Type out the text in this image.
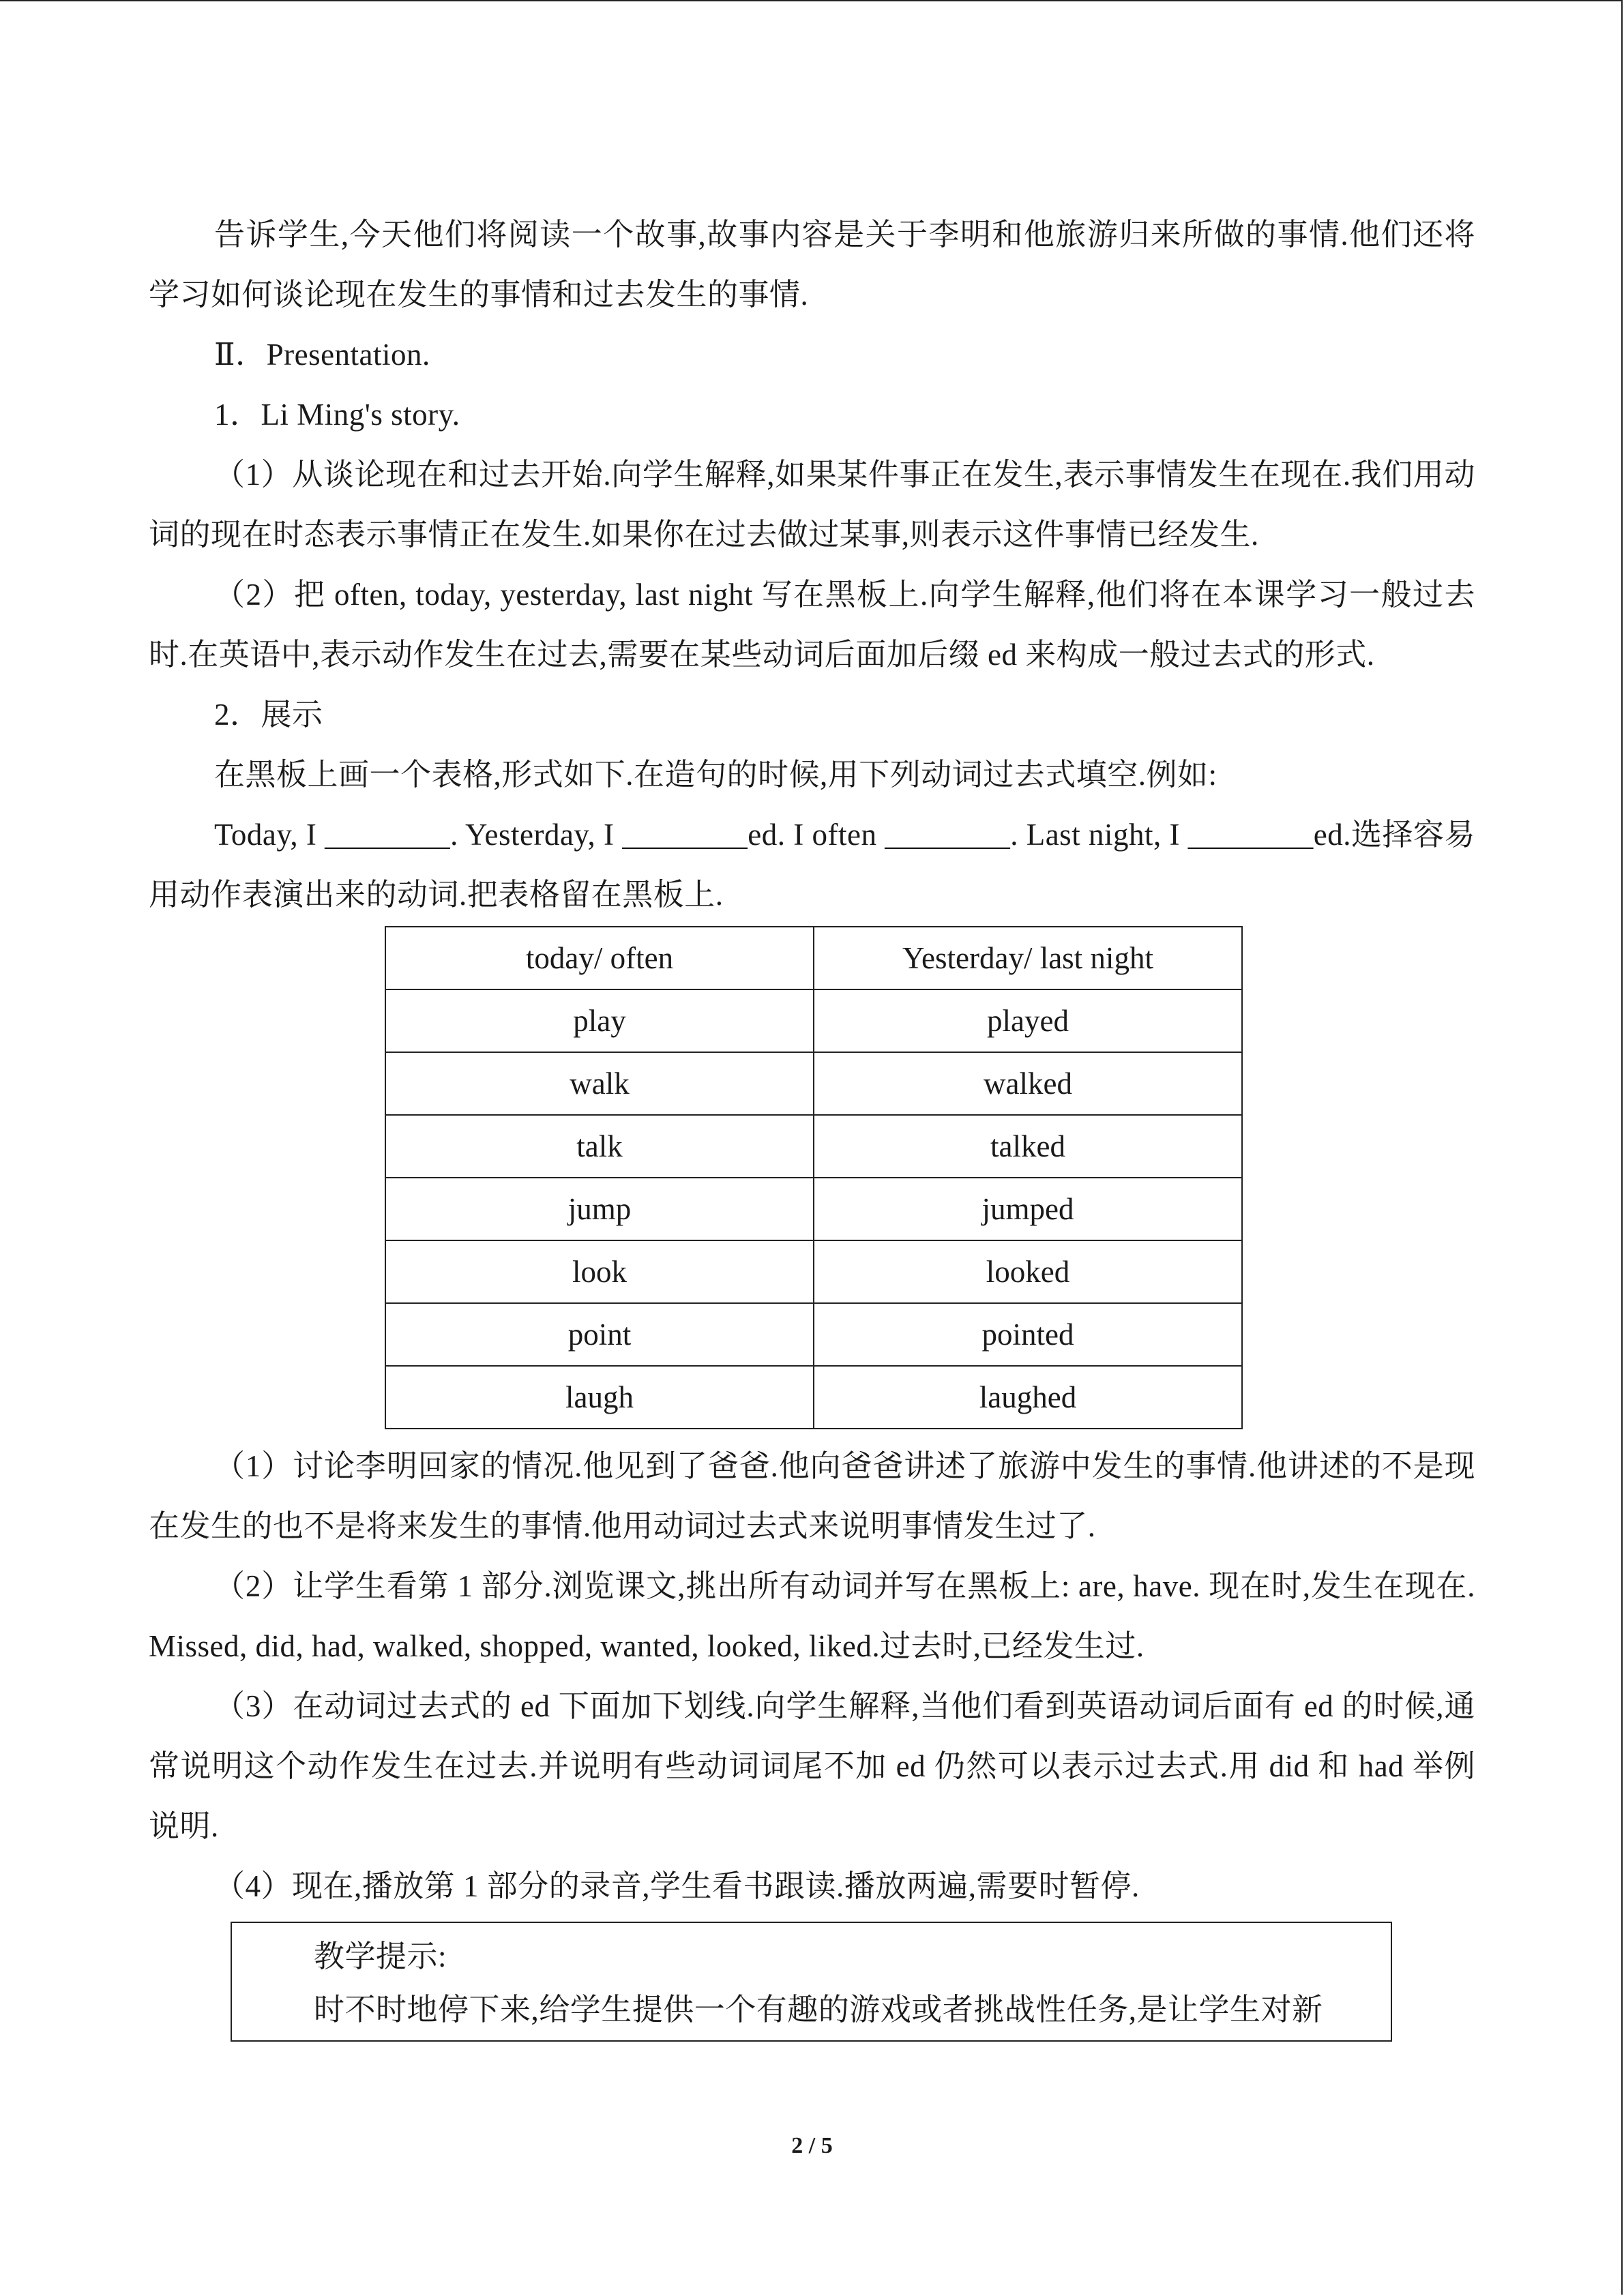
告诉学生,今天他们将阅读一个故事,故事内容是关于李明和他旅游归来所做的事情.他们还将学习如何谈论现在发生的事情和过去发生的事情.

Ⅱ．Presentation.

1．Li Ming's story.

（1）从谈论现在和过去开始.向学生解释,如果某件事正在发生,表示事情发生在现在.我们用动词的现在时态表示事情正在发生.如果你在过去做过某事,则表示这件事情已经发生.

（2）把 often, today, yesterday, last night 写在黑板上.向学生解释,他们将在本课学习一般过去时.在英语中,表示动作发生在过去,需要在某些动词后面加后缀 ed 来构成一般过去式的形式.

2．展示

在黑板上画一个表格,形式如下.在造句的时候,用下列动词过去式填空.例如:

Today, I ________. Yesterday, I ________ed. I often ________. Last night, I ________ed.选择容易用动作表演出来的动词.把表格留在黑板上.

today/ often	Yesterday/ last night
play	played
walk	walked
talk	talked
jump	jumped
look	looked
point	pointed
laugh	laughed

（1）讨论李明回家的情况.他见到了爸爸.他向爸爸讲述了旅游中发生的事情.他讲述的不是现在发生的也不是将来发生的事情.他用动词过去式来说明事情发生过了.

（2）让学生看第 1 部分.浏览课文,挑出所有动词并写在黑板上: are, have. 现在时,发生在现在. Missed, did, had, walked, shopped, wanted, looked, liked.过去时,已经发生过.

（3）在动词过去式的 ed 下面加下划线.向学生解释,当他们看到英语动词后面有 ed 的时候,通常说明这个动作发生在过去.并说明有些动词词尾不加 ed 仍然可以表示过去式.用 did 和 had 举例说明.

（4）现在,播放第 1 部分的录音,学生看书跟读.播放两遍,需要时暂停.

教学提示:

时不时地停下来,给学生提供一个有趣的游戏或者挑战性任务,是让学生对新

2 / 5
